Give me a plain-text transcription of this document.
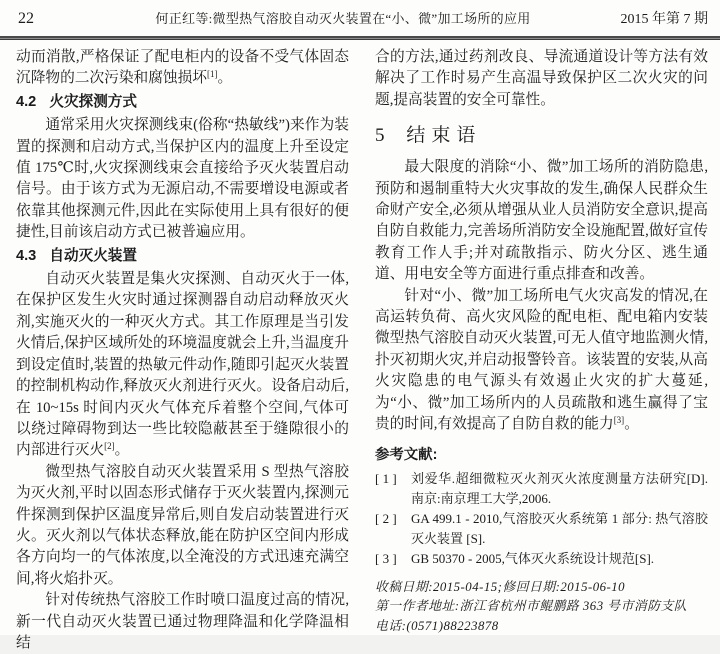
22	何正红等:微型热气溶胶自动灭火装置在“小、微”加工场所的应用	2015 年第 7 期

动而消散,严格保证了配电柜内的设备不受气体固态沉降物的二次污染和腐蚀损坏[1]。

4.2 火灾探测方式

通常采用火灾探测线束(俗称“热敏线”)来作为装置的探测和启动方式,当保护区内的温度上升至设定值 175℃时,火灾探测线束会直接给予灭火装置启动信号。由于该方式为无源启动,不需要增设电源或者依靠其他探测元件,因此在实际使用上具有很好的便捷性,目前该启动方式已被普遍应用。

4.3 自动灭火装置

自动灭火装置是集火灾探测、自动灭火于一体,在保护区发生火灾时通过探测器自动启动释放灭火剂,实施灭火的一种灭火方式。其工作原理是当引发火情后,保护区域所处的环境温度就会上升,当温度升到设定值时,装置的热敏元件动作,随即引起灭火装置的控制机构动作,释放灭火剂进行灭火。设备启动后,在 10~15s 时间内灭火气体充斥着整个空间,气体可以绕过障碍物到达一些比较隐蔽甚至于缝隙很小的内部进行灭火[2]。

微型热气溶胶自动灭火装置采用 S 型热气溶胶为灭火剂,平时以固态形式储存于灭火装置内,探测元件探测到保护区温度异常后,则自发启动装置进行灭火。灭火剂以气体状态释放,能在防护区空间内形成各方向均一的气体浓度,以全淹没的方式迅速充满空间,将火焰扑灭。

针对传统热气溶胶工作时喷口温度过高的情况,新一代自动灭火装置已通过物理降温和化学降温相结

合的方法,通过药剂改良、导流通道设计等方法有效解决了工作时易产生高温导致保护区二次火灾的问题,提高装置的安全可靠性。

5 结束语

最大限度的消除“小、微”加工场所的消防隐患,预防和遏制重特大火灾事故的发生,确保人民群众生命财产安全,必须从增强从业人员消防安全意识,提高自防自救能力,完善场所消防安全设施配置,做好宣传教育工作人手;并对疏散指示、防火分区、逃生通道、用电安全等方面进行重点排查和改善。

针对“小、微”加工场所电气火灾高发的情况,在高运转负荷、高火灾风险的配电柜、配电箱内安装微型热气溶胶自动灭火装置,可无人值守地监测火情,扑灭初期火灾,并启动报警铃音。该装置的安装,从高火灾隐患的电气源头有效遏止火灾的扩大蔓延,为“小、微”加工场所内的人员疏散和逃生赢得了宝贵的时间,有效提高了自防自救的能力[3]。

参考文献:

[ 1 ]	刘爱华.超细微粒灭火剂灭火浓度测量方法研究[D]. 南京:南京理工大学,2006.
[ 2 ]	GA 499.1 - 2010,气溶胶灭火系统第 1 部分: 热气溶胶灭火装置 [S].
[ 3 ]	GB 50370 - 2005,气体灭火系统设计规范[S].
收稿日期:2015-04-15;修回日期:2015-06-10
第一作者地址:浙江省杭州市鲲鹏路 363 号市消防支队
电话:(0571)88223878
